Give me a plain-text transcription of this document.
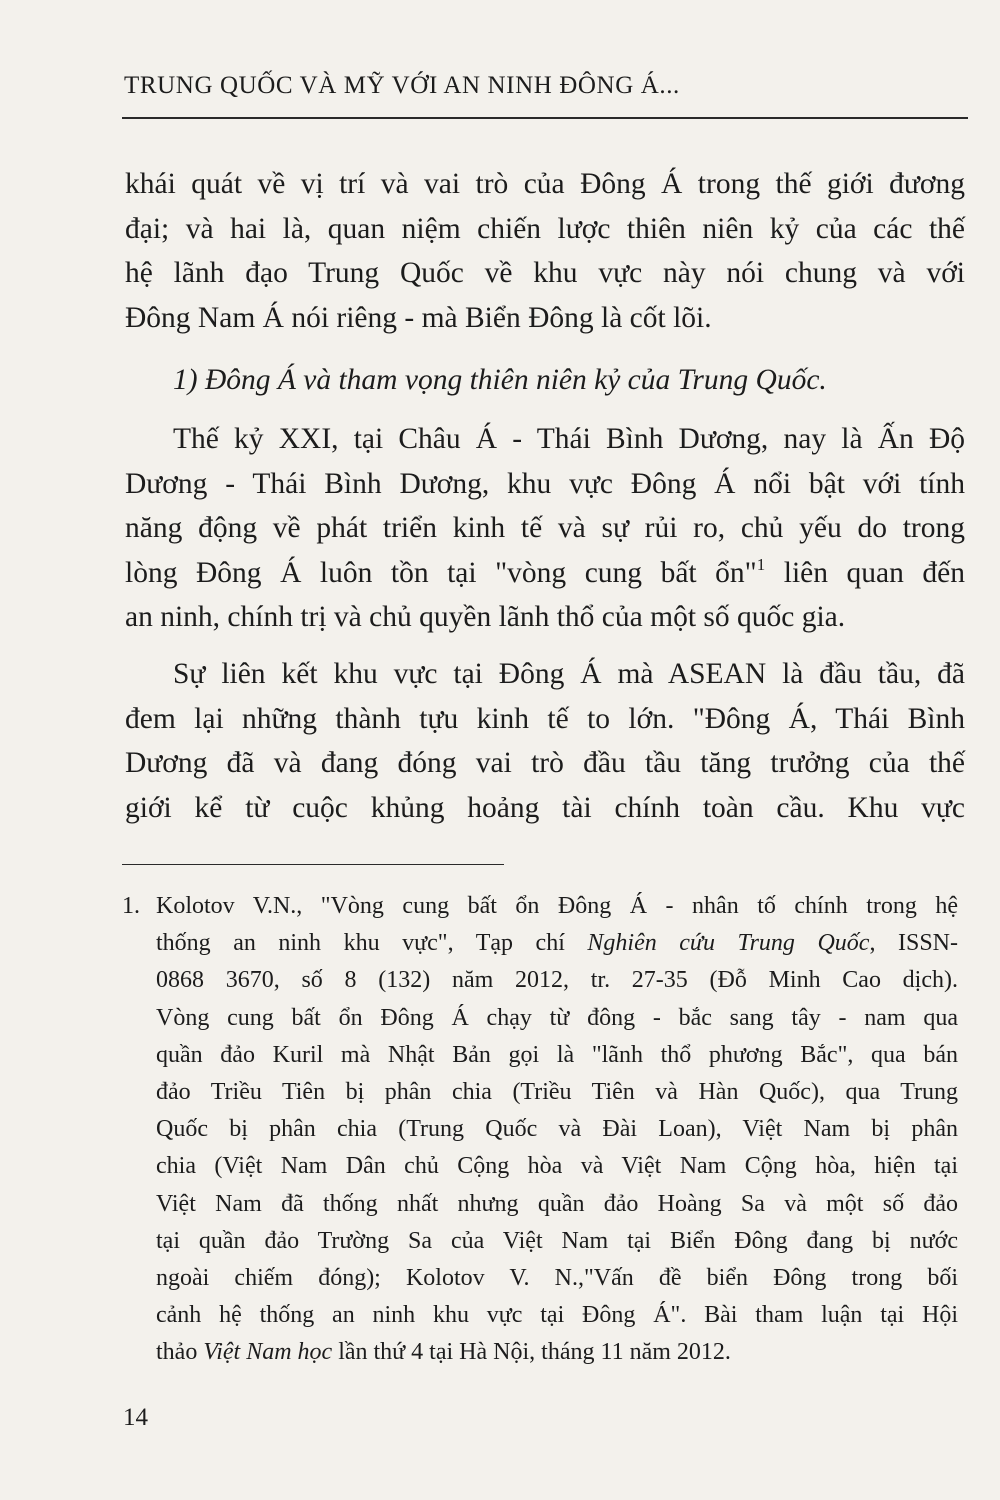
TRUNG QUỐC VÀ MỸ VỚI AN NINH ĐÔNG Á...
khái quát về vị trí và vai trò của Đông Á trong thế giới đương
đại; và hai là, quan niệm chiến lược thiên niên kỷ của các thế
hệ lãnh đạo Trung Quốc về khu vực này nói chung và với
Đông Nam Á nói riêng - mà Biển Đông là cốt lõi.
1) Đông Á và tham vọng thiên niên kỷ của Trung Quốc.
Thế kỷ XXI, tại Châu Á - Thái Bình Dương, nay là Ấn Độ
Dương - Thái Bình Dương, khu vực Đông Á nổi bật với tính
năng động về phát triển kinh tế và sự rủi ro, chủ yếu do trong
lòng Đông Á luôn tồn tại "vòng cung bất ổn"$^1$ liên quan đến
an ninh, chính trị và chủ quyền lãnh thổ của một số quốc gia.
Sự liên kết khu vực tại Đông Á mà ASEAN là đầu tầu, đã
đem lại những thành tựu kinh tế to lớn. "Đông Á, Thái Bình
Dương đã và đang đóng vai trò đầu tầu tăng trưởng của thế
giới kể từ cuộc khủng hoảng tài chính toàn cầu. Khu vực
1. Kolotov V.N., "Vòng cung bất ổn Đông Á - nhân tố chính trong hệ
thống an ninh khu vực", Tạp chí Nghiên cứu Trung Quốc, ISSN-
0868 3670, số 8 (132) năm 2012, tr. 27-35 (Đỗ Minh Cao dịch).
Vòng cung bất ổn Đông Á chạy từ đông - bắc sang tây - nam qua
quần đảo Kuril mà Nhật Bản gọi là "lãnh thổ phương Bắc", qua bán
đảo Triều Tiên bị phân chia (Triều Tiên và Hàn Quốc), qua Trung
Quốc bị phân chia (Trung Quốc và Đài Loan), Việt Nam bị phân
chia (Việt Nam Dân chủ Cộng hòa và Việt Nam Cộng hòa, hiện tại
Việt Nam đã thống nhất nhưng quần đảo Hoàng Sa và một số đảo
tại quần đảo Trường Sa của Việt Nam tại Biển Đông đang bị nước
ngoài chiếm đóng); Kolotov V. N.,"Vấn đề biển Đông trong bối
cảnh hệ thống an ninh khu vực tại Đông Á". Bài tham luận tại Hội
thảo Việt Nam học lần thứ 4 tại Hà Nội, tháng 11 năm 2012.
14
